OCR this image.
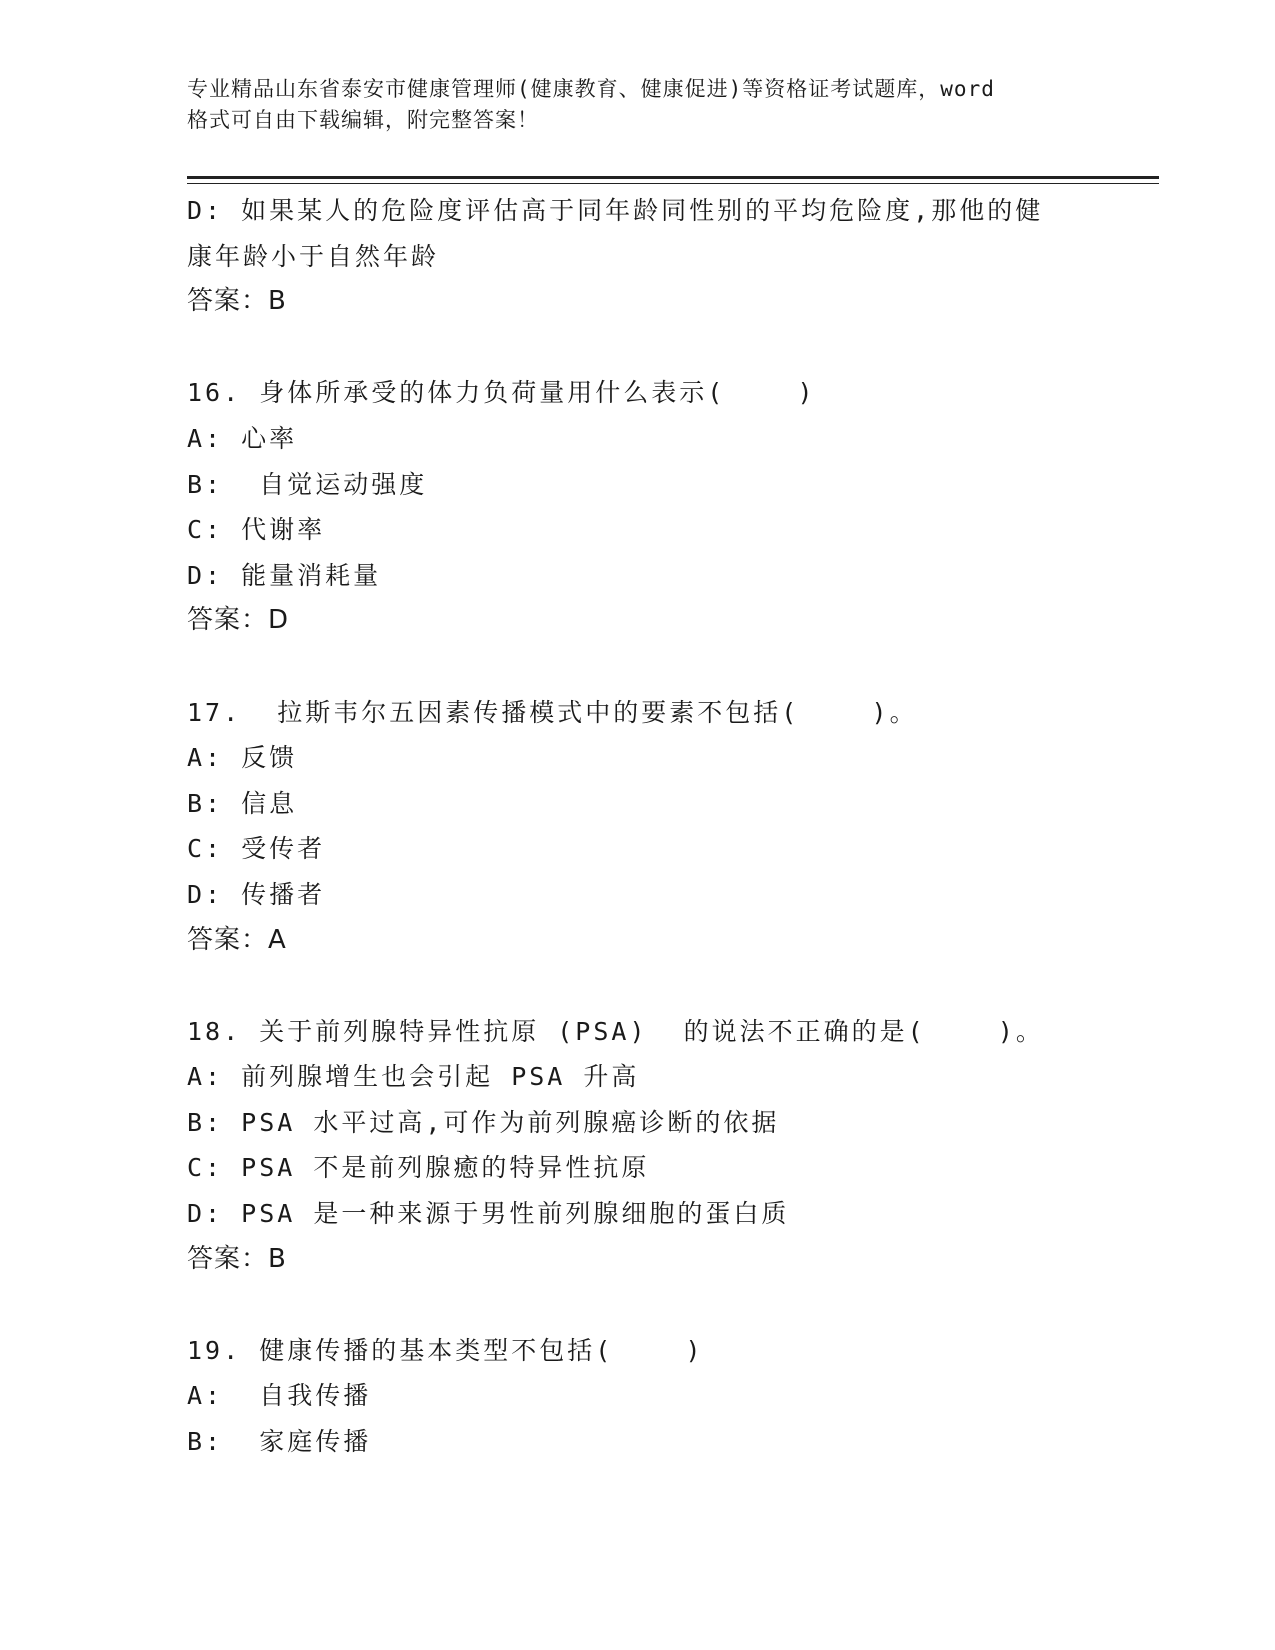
专业精品山东省泰安市健康管理师(健康教育、健康促进)等资格证考试题库，word
格式可自由下载编辑，附完整答案！
D: 如果某人的危险度评估高于同年龄同性别的平均危险度,那他的健
康年龄小于自然年龄
答案：B
16. 身体所承受的体力负荷量用什么表示(    )
A: 心率
B:  自觉运动强度
C: 代谢率
D: 能量消耗量
答案：D
17.  拉斯韦尔五因素传播模式中的要素不包括(    )。
A: 反馈
B: 信息
C: 受传者
D: 传播者
答案：A
18. 关于前列腺特异性抗原 (PSA)  的说法不正确的是(    )。
A: 前列腺增生也会引起 PSA 升高
B: PSA 水平过高,可作为前列腺癌诊断的依据
C: PSA 不是前列腺癒的特异性抗原
D: PSA 是一种来源于男性前列腺细胞的蛋白质
答案：B
19. 健康传播的基本类型不包括(    )
A:  自我传播
B:  家庭传播
